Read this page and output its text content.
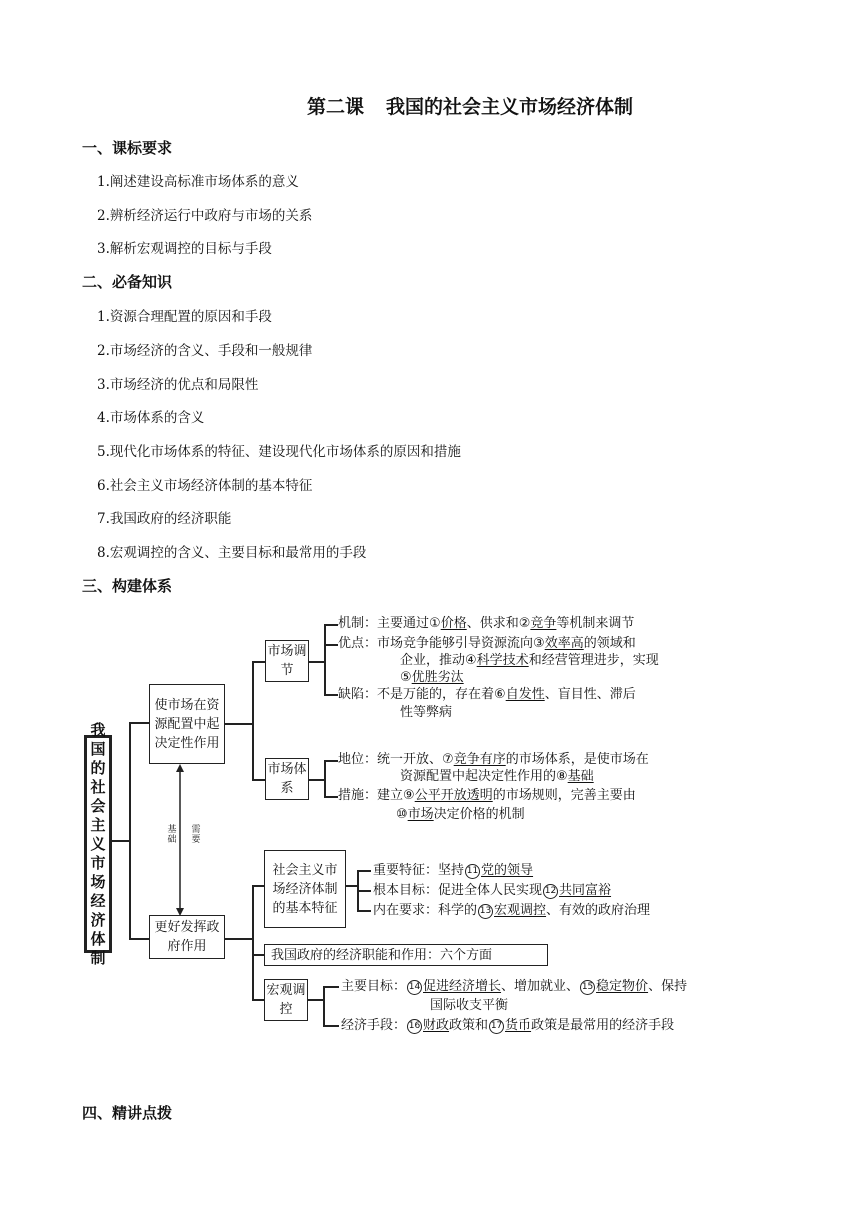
第二课 我国的社会主义市场经济体制
一、课标要求
1.阐述建设高标准市场体系的意义
2.辨析经济运行中政府与市场的关系
3.解析宏观调控的目标与手段
二、必备知识
1.资源合理配置的原因和手段
2.市场经济的含义、手段和一般规律
3.市场经济的优点和局限性
4.市场体系的含义
5.现代化市场体系的特征、建设现代化市场体系的原因和措施
6.社会主义市场经济体制的基本特征
7.我国政府的经济职能
8.宏观调控的含义、主要目标和最常用的手段
三、构建体系
我
国
的
社
会
主
义
市
场
经
济
体
制
使市场在资源配置中起决定性作用
更好发挥政府作用
基础
需要
市场调节
市场体系
机制：主要通过①价格、供求和②竞争等机制来调节
优点：市场竞争能够引导资源流向③效率高的领域和
企业，推动④科学技术和经营管理进步，实现
⑤优胜劣汰
缺陷：不是万能的，存在着⑥自发性、盲目性、滞后
性等弊病
地位：统一开放、⑦竞争有序的市场体系，是使市场在
资源配置中起决定性作用的⑧基础
措施：建立⑨公平开放透明的市场规则，完善主要由
⑩市场决定价格的机制
社会主义市场经济体制的基本特征
我国政府的经济职能和作用：六个方面
宏观调控
重要特征：坚持 11 党的领导
根本目标：促进全体人民实现 12 共同富裕
内在要求：科学的 13 宏观调控、有效的政府治理
主要目标： 14 促进经济增长、增加就业、 15 稳定物价、保持
国际收支平衡
经济手段： 16 财政政策和 17 货币政策是最常用的经济手段
四、精讲点拨
